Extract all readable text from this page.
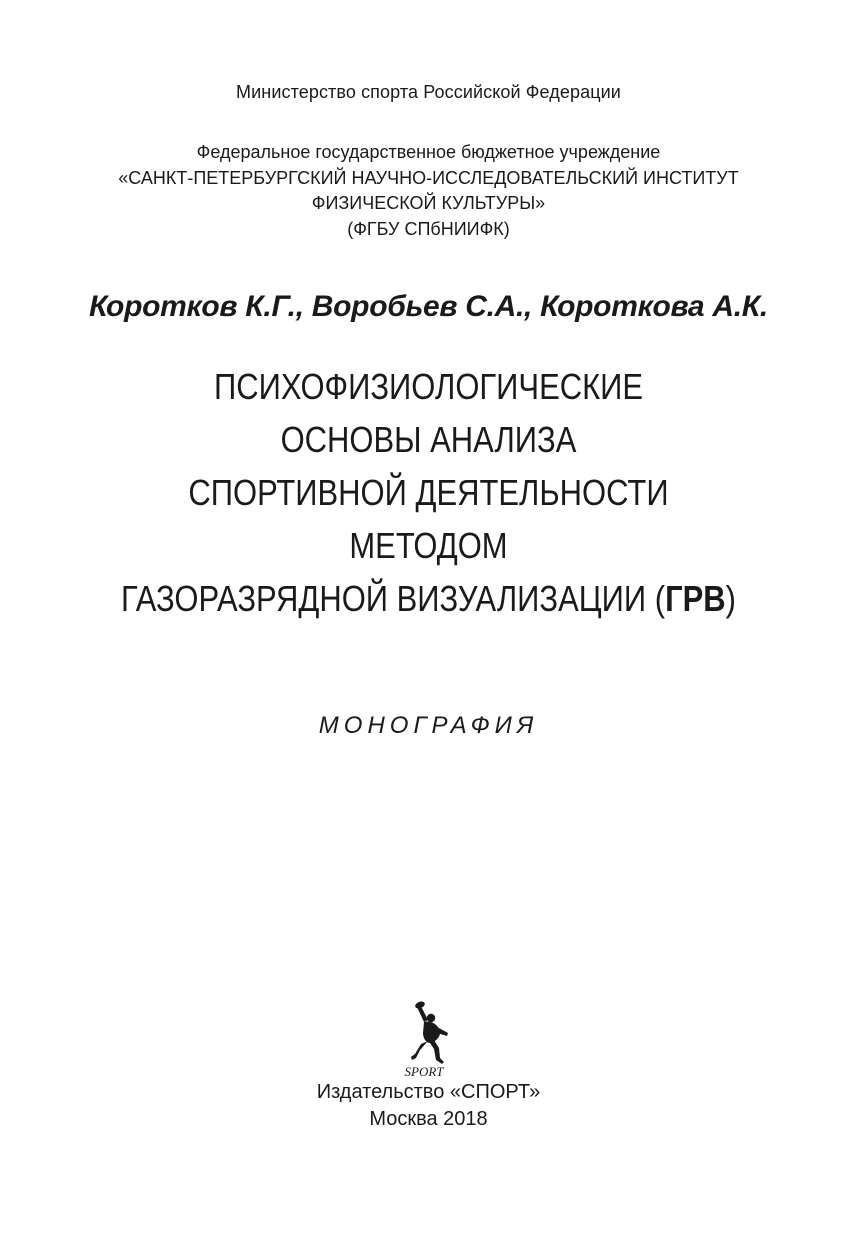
Министерство спорта Российской Федерации
Федеральное государственное бюджетное учреждение
«САНКТ-ПЕТЕРБУРГСКИЙ НАУЧНО-ИССЛЕДОВАТЕЛЬСКИЙ ИНСТИТУТ
ФИЗИЧЕСКОЙ КУЛЬТУРЫ»
(ФГБУ СПбНИИФК)
Коротков К.Г., Воробьев С.А., Короткова А.К.
ПСИХОФИЗИОЛОГИЧЕСКИЕ
ОСНОВЫ АНАЛИЗА
СПОРТИВНОЙ ДЕЯТЕЛЬНОСТИ
МЕТОДОМ
ГАЗОРАЗРЯДНОЙ ВИЗУАЛИЗАЦИИ (ГРВ)
МОНОГРАФИЯ
SPORT
Издательство «СПОРТ»
Москва 2018
